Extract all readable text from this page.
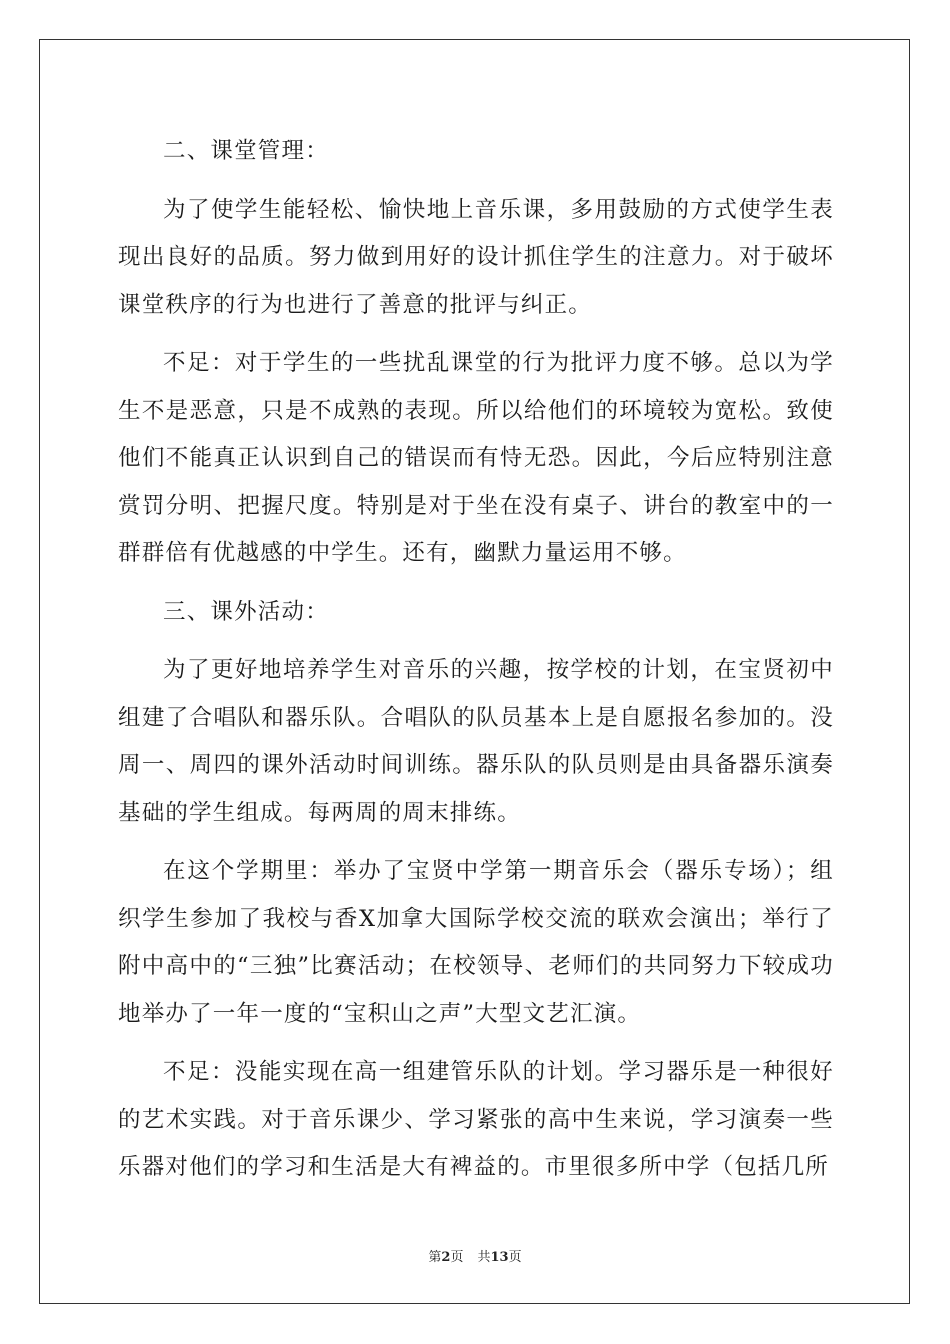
二、课堂管理：

为了使学生能轻松、愉快地上音乐课，多用鼓励的方式使学生表现出良好的品质。努力做到用好的设计抓住学生的注意力。对于破坏课堂秩序的行为也进行了善意的批评与纠正。

不足：对于学生的一些扰乱课堂的行为批评力度不够。总以为学生不是恶意，只是不成熟的表现。所以给他们的环境较为宽松。致使他们不能真正认识到自己的错误而有恃无恐。因此，今后应特别注意赏罚分明、把握尺度。特别是对于坐在没有桌子、讲台的教室中的一群群倍有优越感的中学生。还有，幽默力量运用不够。

三、课外活动：

为了更好地培养学生对音乐的兴趣，按学校的计划，在宝贤初中组建了合唱队和器乐队。合唱队的队员基本上是自愿报名参加的。没周一、周四的课外活动时间训练。器乐队的队员则是由具备器乐演奏基础的学生组成。每两周的周末排练。

在这个学期里：举办了宝贤中学第一期音乐会（器乐专场）；组织学生参加了我校与香X加拿大国际学校交流的联欢会演出；举行了附中高中的“三独”比赛活动；在校领导、老师们的共同努力下较成功地举办了一年一度的“宝积山之声”大型文艺汇演。

不足：没能实现在高一组建管乐队的计划。学习器乐是一种很好的艺术实践。对于音乐课少、学习紧张的高中生来说，学习演奏一些乐器对他们的学习和生活是大有裨益的。市里很多所中学（包括几所

第2页 共13页
